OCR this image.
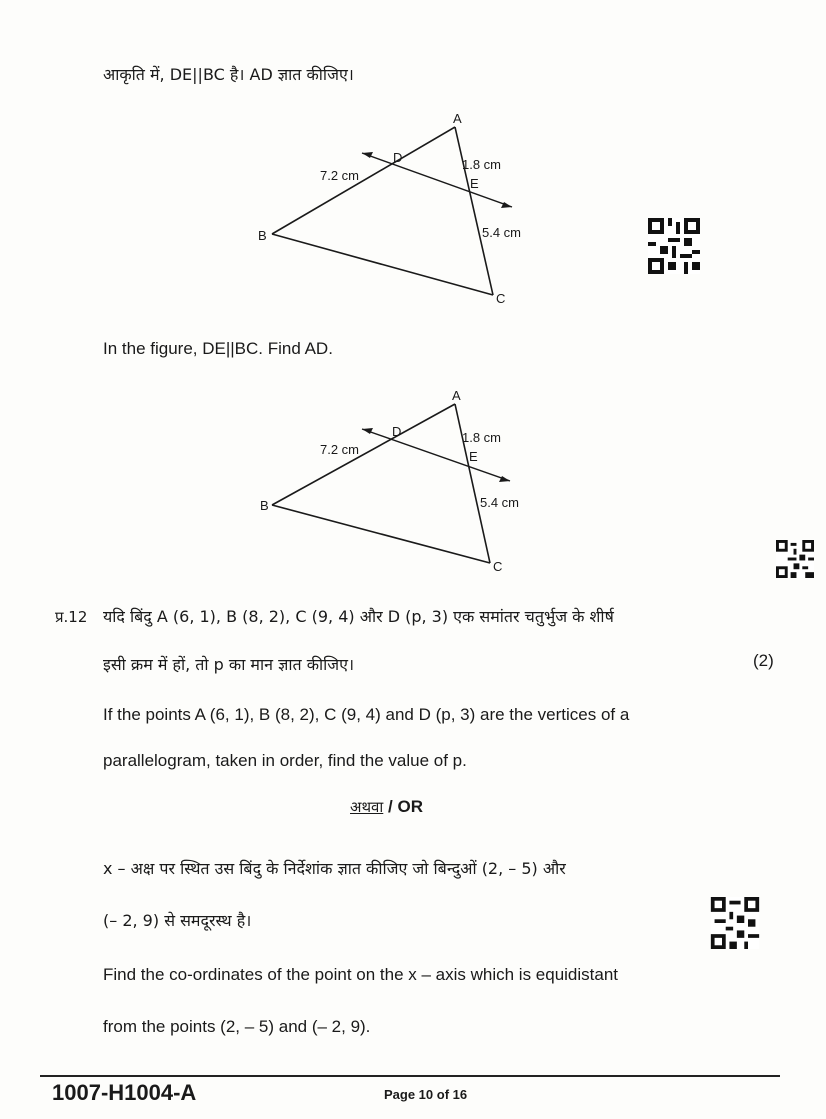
आकृति में, DE||BC है। AD ज्ञात कीजिए।
A
B
C
D
E
7.2 cm
1.8 cm
5.4 cm
In the figure, DE||BC. Find AD.
A
B
C
D
E
7.2 cm
1.8 cm
5.4 cm
प्र.12 यदि बिंदु A (6, 1), B (8, 2), C (9, 4) और D (p, 3) एक समांतर चतुर्भुज के शीर्ष
इसी क्रम में हों, तो p का मान ज्ञात कीजिए।	(2)
If the points A (6, 1), B (8, 2), C (9, 4) and D (p, 3) are the vertices of a
parallelogram, taken in order, find the value of p.
अथवा / OR
x – अक्ष पर स्थित उस बिंदु के निर्देशांक ज्ञात कीजिए जो बिन्दुओं (2, – 5) और
(– 2, 9) से समदूरस्थ है।
Find the co-ordinates of the point on the x – axis which is equidistant
from the points (2, – 5) and (– 2, 9).
1007-H1004-A	Page 10 of 16
